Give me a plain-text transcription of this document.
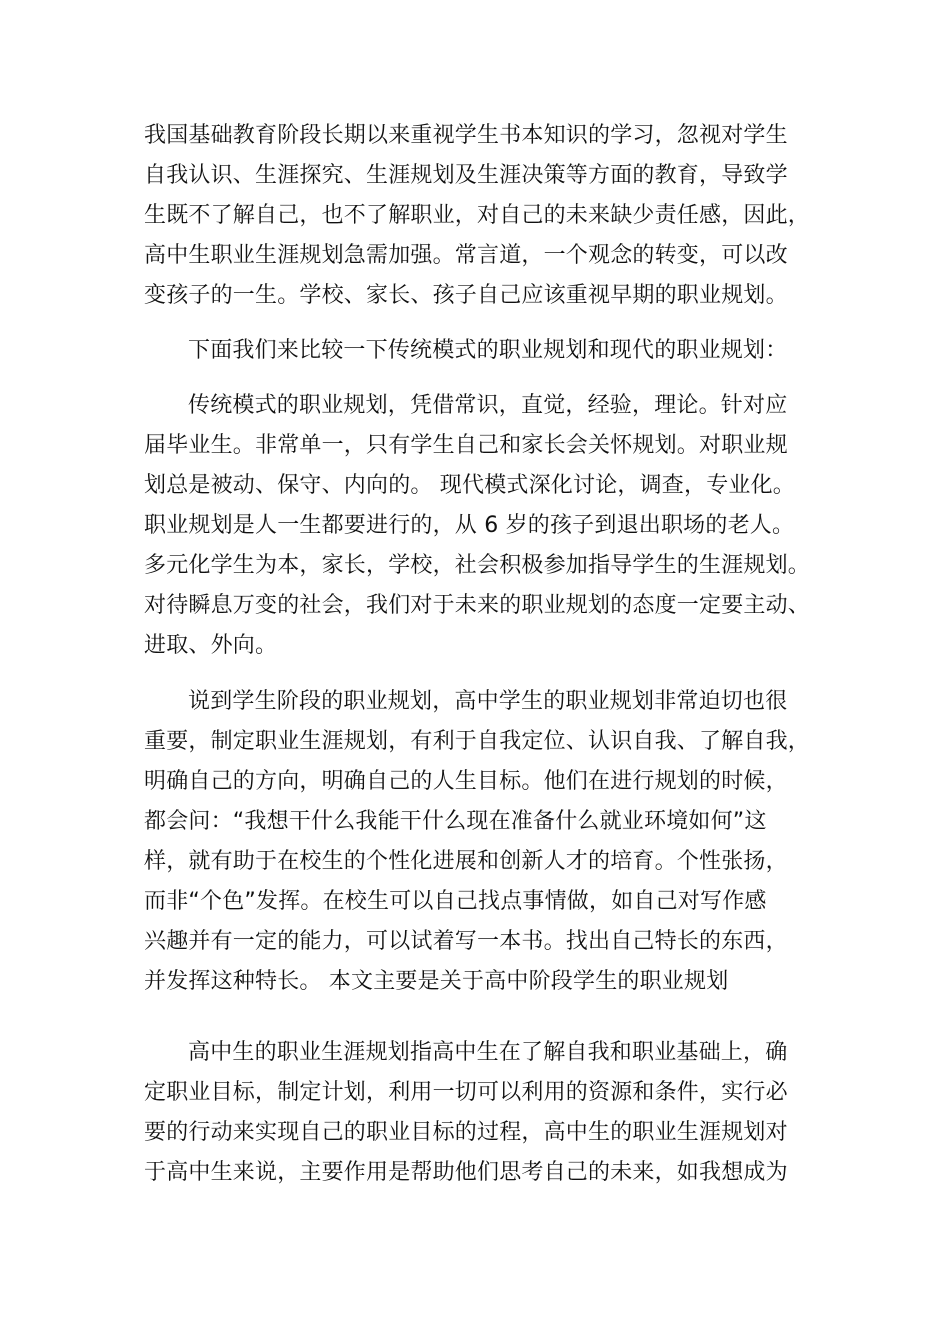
我国基础教育阶段长期以来重视学生书本知识的学习，忽视对学生
自我认识、生涯探究、生涯规划及生涯决策等方面的教育，导致学
生既不了解自己，也不了解职业，对自己的未来缺少责任感，因此，
高中生职业生涯规划急需加强。常言道，一个观念的转变，可以改
变孩子的一生。学校、家长、孩子自己应该重视早期的职业规划。
下面我们来比较一下传统模式的职业规划和现代的职业规划：
传统模式的职业规划，凭借常识，直觉，经验，理论。针对应
届毕业生。非常单一，只有学生自己和家长会关怀规划。对职业规
划总是被动、保守、内向的。 现代模式深化讨论，调查，专业化。
职业规划是人一生都要进行的，从 6 岁的孩子到退出职场的老人。
多元化学生为本，家长，学校，社会积极参加指导学生的生涯规划。
对待瞬息万变的社会，我们对于未来的职业规划的态度一定要主动、
进取、外向。
说到学生阶段的职业规划，高中学生的职业规划非常迫切也很
重要，制定职业生涯规划，有利于自我定位、认识自我、了解自我，
明确自己的方向，明确自己的人生目标。他们在进行规划的时候，
都会问：“我想干什么我能干什么现在准备什么就业环境如何”这
样，就有助于在校生的个性化进展和创新人才的培育。个性张扬，
而非“个色”发挥。在校生可以自己找点事情做，如自己对写作感
兴趣并有一定的能力，可以试着写一本书。找出自己特长的东西，
并发挥这种特长。 本文主要是关于高中阶段学生的职业规划
高中生的职业生涯规划指高中生在了解自我和职业基础上，确
定职业目标，制定计划，利用一切可以利用的资源和条件，实行必
要的行动来实现自己的职业目标的过程，高中生的职业生涯规划对
于高中生来说，主要作用是帮助他们思考自己的未来，如我想成为
